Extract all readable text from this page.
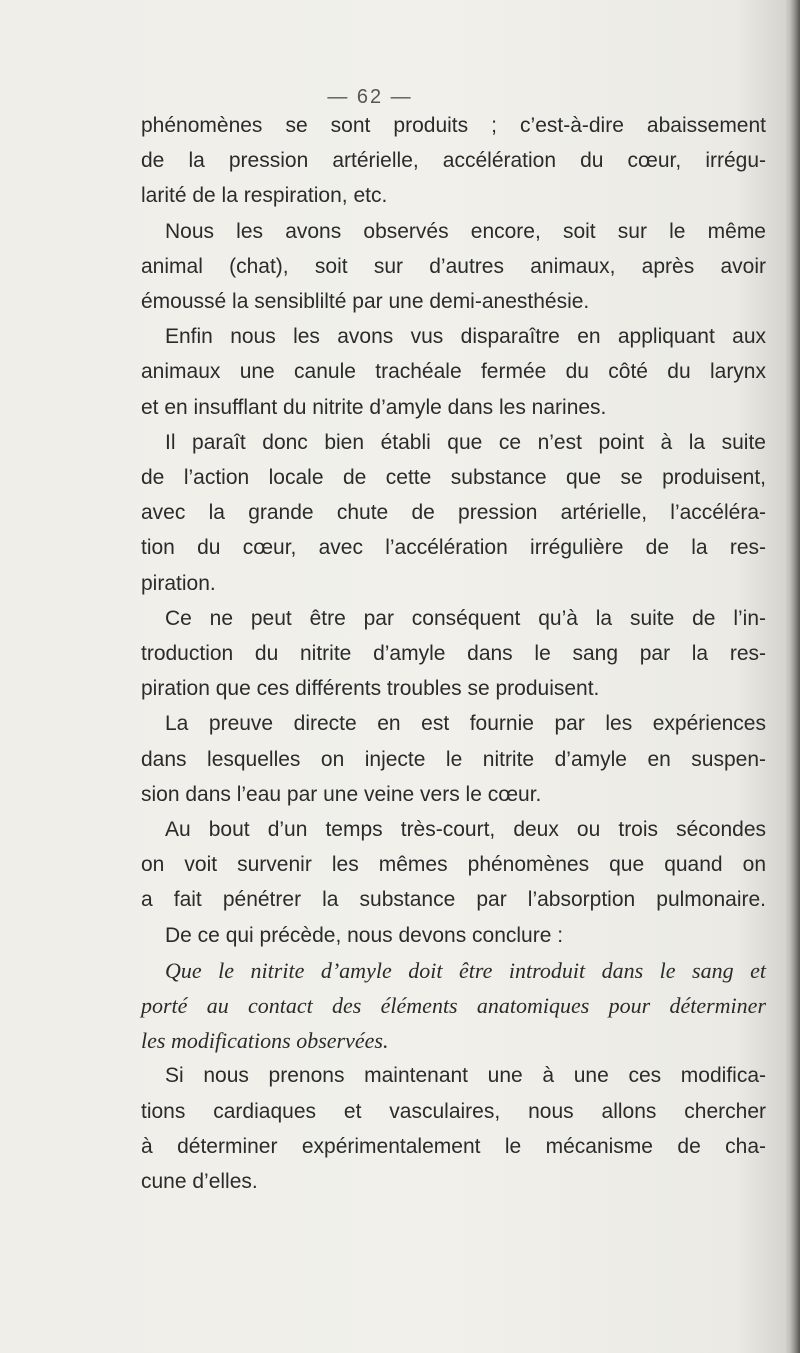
— 62 —
phénomènes se sont produits ; c’est-à-dire abaissement
de la pression artérielle, accélération du cœur, irrégu-
larité de la respiration, etc.
Nous les avons observés encore, soit sur le même
animal (chat), soit sur d’autres animaux, après avoir
émoussé la sensiblilté par une demi-anesthésie.
Enfin nous les avons vus disparaître en appliquant aux
animaux une canule trachéale fermée du côté du larynx
et en insufflant du nitrite d’amyle dans les narines.
Il paraît donc bien établi que ce n’est point à la suite
de l’action locale de cette substance que se produisent,
avec la grande chute de pression artérielle, l’accéléra-
tion du cœur, avec l’accélération irrégulière de la res-
piration.
Ce ne peut être par conséquent qu’à la suite de l’in-
troduction du nitrite d’amyle dans le sang par la res-
piration que ces différents troubles se produisent.
La preuve directe en est fournie par les expériences
dans lesquelles on injecte le nitrite d’amyle en suspen-
sion dans l’eau par une veine vers le cœur.
Au bout d’un temps très-court, deux ou trois sécondes
on voit survenir les mêmes phénomènes que quand on
a fait pénétrer la substance par l’absorption pulmonaire.
De ce qui précède, nous devons conclure :
Que le nitrite d’amyle doit être introduit dans le sang et
porté au contact des éléments anatomiques pour déterminer
les modifications observées.
Si nous prenons maintenant une à une ces modifica-
tions cardiaques et vasculaires, nous allons chercher
à déterminer expérimentalement le mécanisme de cha-
cune d’elles.
